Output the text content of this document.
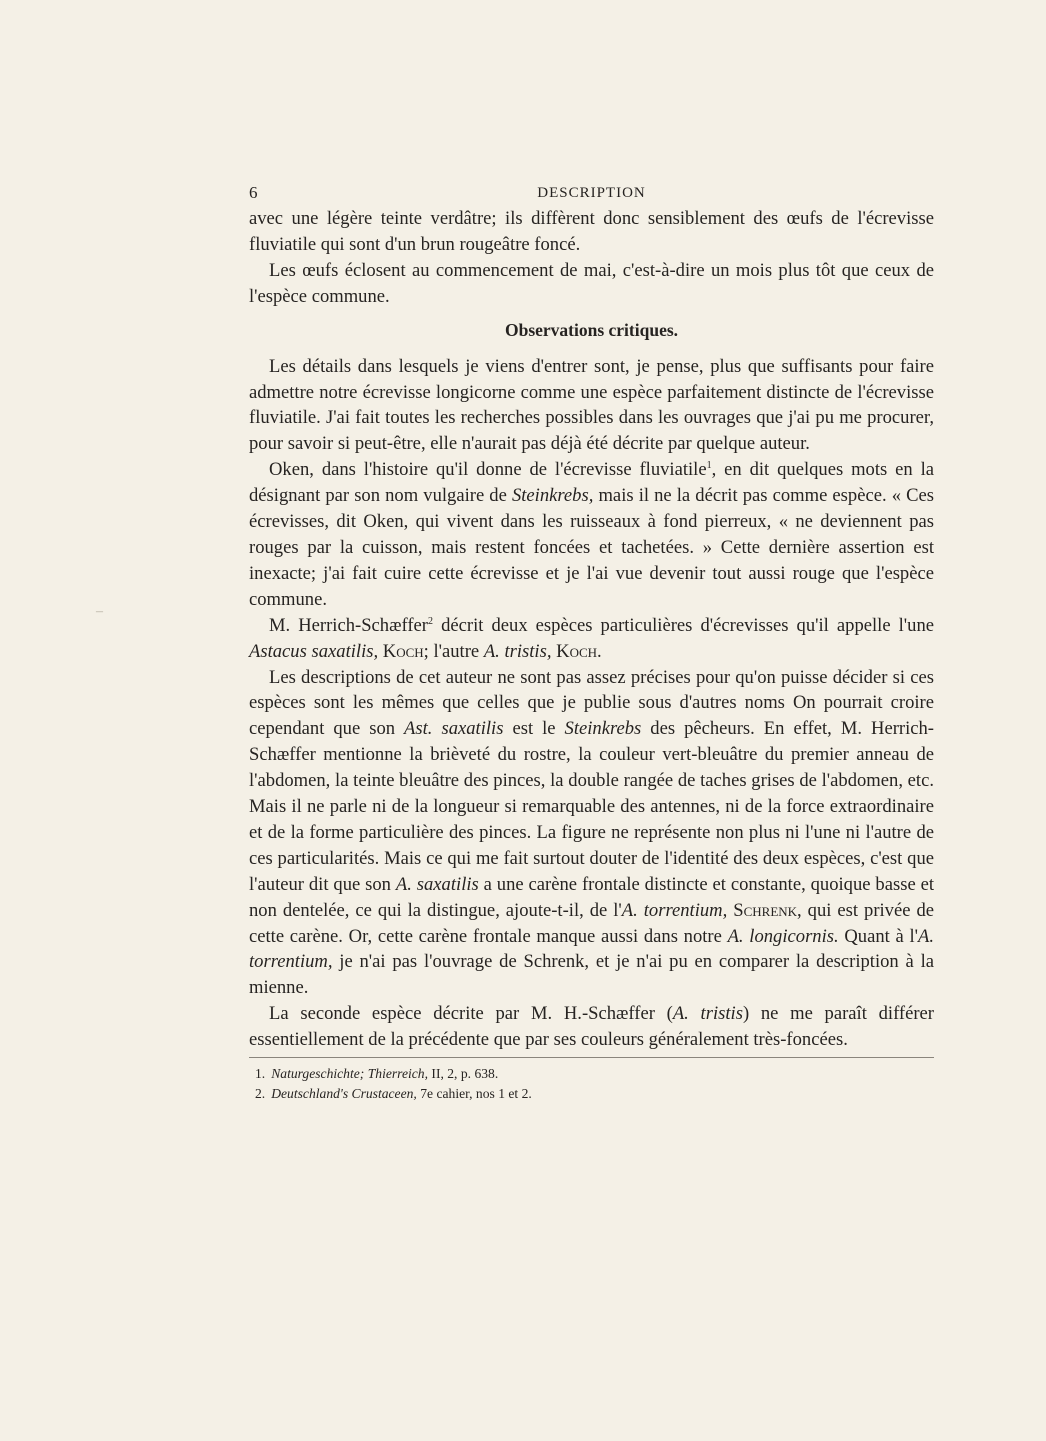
–
6	DESCRIPTION

avec une légère teinte verdâtre; ils diffèrent donc sensiblement des œufs de l'écrevisse fluviatile qui sont d'un brun rougeâtre foncé.

Les œufs éclosent au commencement de mai, c'est-à-dire un mois plus tôt que ceux de l'espèce commune.

Observations critiques.

Les détails dans lesquels je viens d'entrer sont, je pense, plus que suffisants pour faire admettre notre écrevisse longicorne comme une espèce parfaitement distincte de l'écrevisse fluviatile. J'ai fait toutes les recherches possibles dans les ouvrages que j'ai pu me procurer, pour savoir si peut-être, elle n'aurait pas déjà été décrite par quelque auteur.

Oken, dans l'histoire qu'il donne de l'écrevisse fluviatile$^1$, en dit quelques mots en la désignant par son nom vulgaire de Steinkrebs, mais il ne la décrit pas comme espèce. « Ces écrevisses, dit Oken, qui vivent dans les ruisseaux à fond pierreux, « ne deviennent pas rouges par la cuisson, mais restent foncées et tachetées. » Cette dernière assertion est inexacte; j'ai fait cuire cette écrevisse et je l'ai vue devenir tout aussi rouge que l'espèce commune.

M. Herrich-Schæffer$^2$ décrit deux espèces particulières d'écrevisses qu'il appelle l'une Astacus saxatilis, Koch; l'autre A. tristis, Koch.

Les descriptions de cet auteur ne sont pas assez précises pour qu'on puisse décider si ces espèces sont les mêmes que celles que je publie sous d'autres noms On pourrait croire cependant que son Ast. saxatilis est le Steinkrebs des pêcheurs. En effet, M. Herrich-Schæffer mentionne la brièveté du rostre, la couleur vert-bleuâtre du premier anneau de l'abdomen, la teinte bleuâtre des pinces, la double rangée de taches grises de l'abdomen, etc. Mais il ne parle ni de la longueur si remarquable des antennes, ni de la force extraordinaire et de la forme particulière des pinces. La figure ne représente non plus ni l'une ni l'autre de ces particularités. Mais ce qui me fait surtout douter de l'identité des deux espèces, c'est que l'auteur dit que son A. saxatilis a une carène frontale distincte et constante, quoique basse et non dentelée, ce qui la distingue, ajoute-t-il, de l'A. torrentium, Schrenk, qui est privée de cette carène. Or, cette carène frontale manque aussi dans notre A. longicornis. Quant à l'A. torrentium, je n'ai pas l'ouvrage de Schrenk, et je n'ai pu en comparer la description à la mienne.

La seconde espèce décrite par M. H.-Schæffer (A. tristis) ne me paraît différer essentiellement de la précédente que par ses couleurs généralement très-foncées.

1. Naturgeschichte; Thierreich, II, 2, p. 638.

2. Deutschland's Crustaceen, 7e cahier, nos 1 et 2.
